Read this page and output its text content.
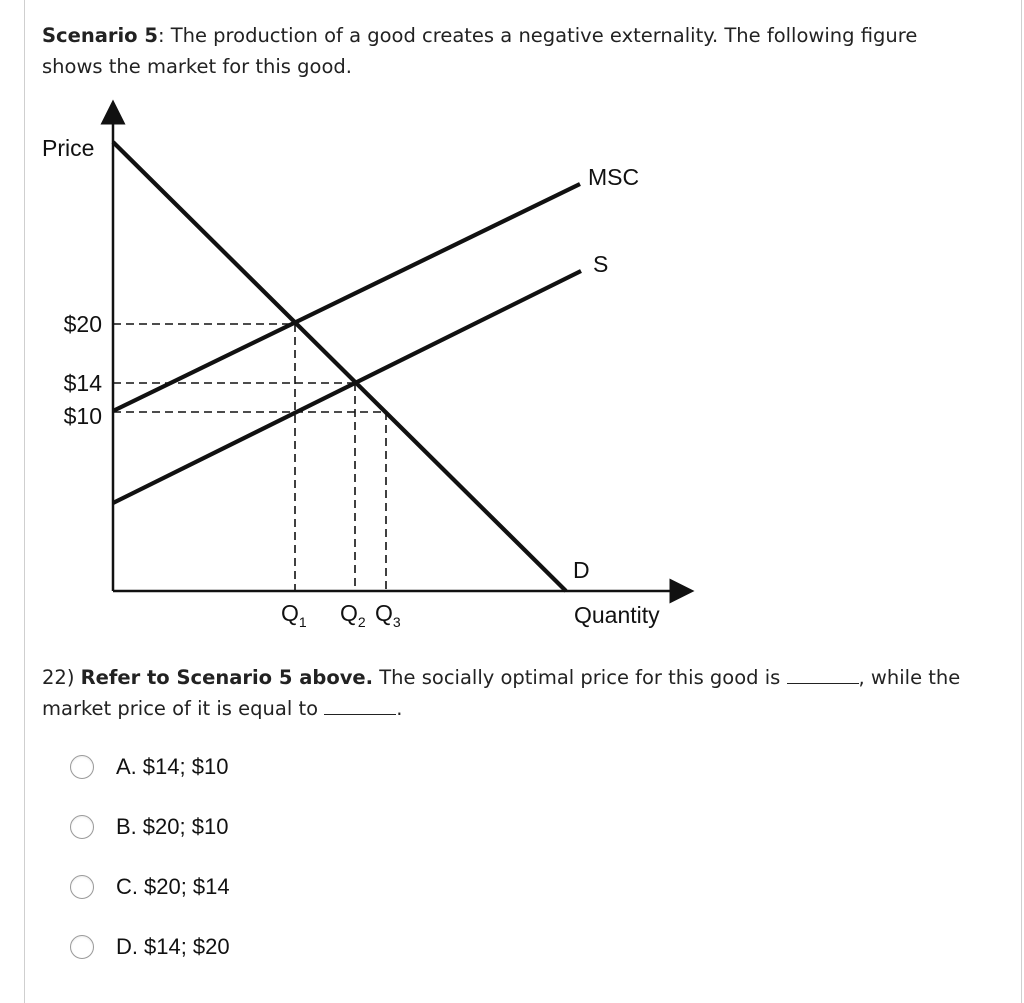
Scenario 5: The production of a good creates a negative externality. The following figure shows the market for this good.
Price
Quantity
$20
$14
$10
$Q_1$ $Q_2$ $Q_3$
MSC
S
D
22) Refer to Scenario 5 above. The socially optimal price for this good is	, while the market price of it is equal to	.
A. $14; $10
B. $20; $10
C. $20; $14
D. $14; $20
